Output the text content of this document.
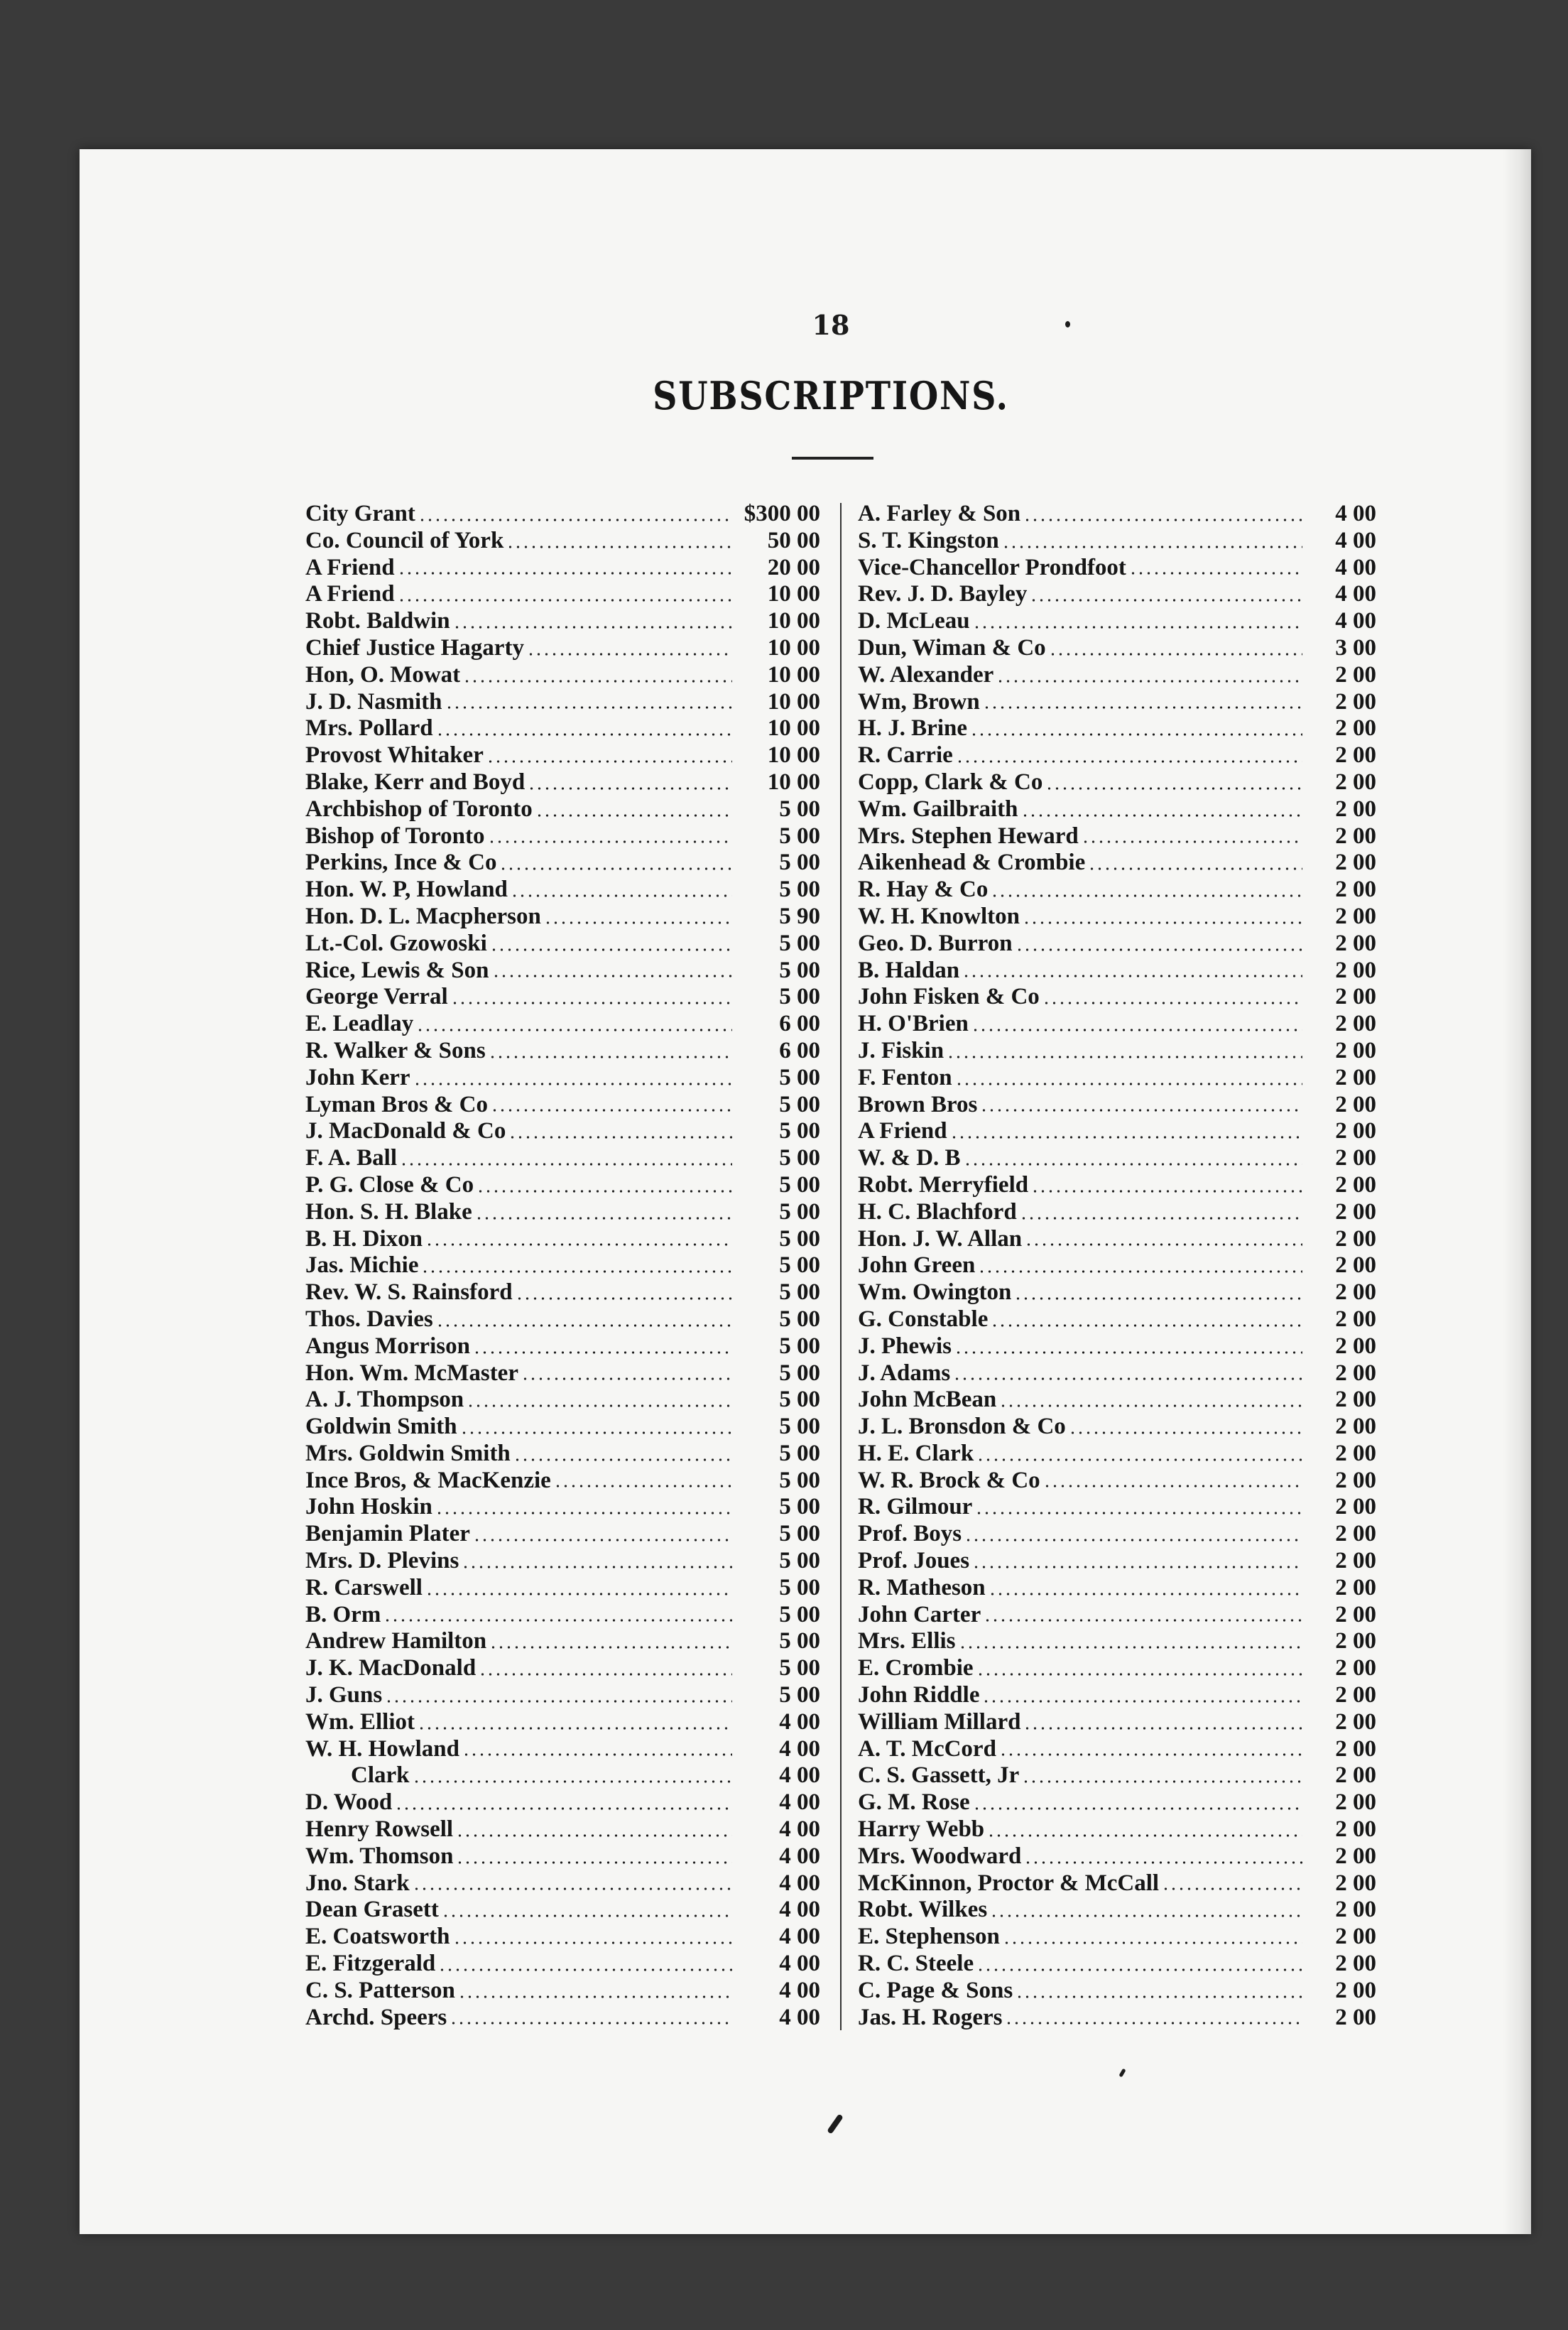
18
SUBSCRIPTIONS.
City Grant	$300 00
Co. Council of York	50 00
A Friend	20 00
A Friend	10 00
Robt. Baldwin	10 00
Chief Justice Hagarty	10 00
Hon, O. Mowat	10 00
J. D. Nasmith	10 00
Mrs. Pollard	10 00
Provost Whitaker	10 00
Blake, Kerr and Boyd	10 00
Archbishop of Toronto	5 00
Bishop of Toronto	5 00
Perkins, Ince & Co	5 00
Hon. W. P, Howland	5 00
Hon. D. L. Macpherson	5 90
Lt.-Col. Gzowoski	5 00
Rice, Lewis & Son	5 00
George Verral	5 00
E. Leadlay	6 00
R. Walker & Sons	6 00
John Kerr	5 00
Lyman Bros & Co	5 00
J. MacDonald & Co	5 00
F. A. Ball	5 00
P. G. Close & Co	5 00
Hon. S. H. Blake	5 00
B. H. Dixon	5 00
Jas. Michie	5 00
Rev. W. S. Rainsford	5 00
Thos. Davies	5 00
Angus Morrison	5 00
Hon. Wm. McMaster	5 00
A. J. Thompson	5 00
Goldwin Smith	5 00
Mrs. Goldwin Smith	5 00
Ince Bros, & MacKenzie	5 00
John Hoskin	5 00
Benjamin Plater	5 00
Mrs. D. Plevins	5 00
R. Carswell	5 00
B. Orm	5 00
Andrew Hamilton	5 00
J. K. MacDonald	5 00
J. Guns	5 00
Wm. Elliot	4 00
W. H. Howland	4 00
Clark	4 00
D. Wood	4 00
Henry Rowsell	4 00
Wm. Thomson	4 00
Jno. Stark	4 00
Dean Grasett	4 00
E. Coatsworth	4 00
E. Fitzgerald	4 00
C. S. Patterson	4 00
Archd. Speers	4 00
A. Farley & Son	4 00
S. T. Kingston	4 00
Vice-Chancellor Prondfoot	4 00
Rev. J. D. Bayley	4 00
D. McLeau	4 00
Dun, Wiman & Co	3 00
W. Alexander	2 00
Wm, Brown	2 00
H. J. Brine	2 00
R. Carrie	2 00
Copp, Clark & Co	2 00
Wm. Gailbraith	2 00
Mrs. Stephen Heward	2 00
Aikenhead & Crombie	2 00
R. Hay & Co	2 00
W. H. Knowlton	2 00
Geo. D. Burron	2 00
B. Haldan	2 00
John Fisken & Co	2 00
H. O'Brien	2 00
J. Fiskin	2 00
F. Fenton	2 00
Brown Bros	2 00
A Friend	2 00
W. & D. B	2 00
Robt. Merryfield	2 00
H. C. Blachford	2 00
Hon. J. W. Allan	2 00
John Green	2 00
Wm. Owington	2 00
G. Constable	2 00
J. Phewis	2 00
J. Adams	2 00
John McBean	2 00
J. L. Bronsdon & Co	2 00
H. E. Clark	2 00
W. R. Brock & Co	2 00
R. Gilmour	2 00
Prof. Boys	2 00
Prof. Joues	2 00
R. Matheson	2 00
John Carter	2 00
Mrs. Ellis	2 00
E. Crombie	2 00
John Riddle	2 00
William Millard	2 00
A. T. McCord	2 00
C. S. Gassett, Jr	2 00
G. M. Rose	2 00
Harry Webb	2 00
Mrs. Woodward	2 00
McKinnon, Proctor & McCall	2 00
Robt. Wilkes	2 00
E. Stephenson	2 00
R. C. Steele	2 00
C. Page & Sons	2 00
Jas. H. Rogers	2 00
